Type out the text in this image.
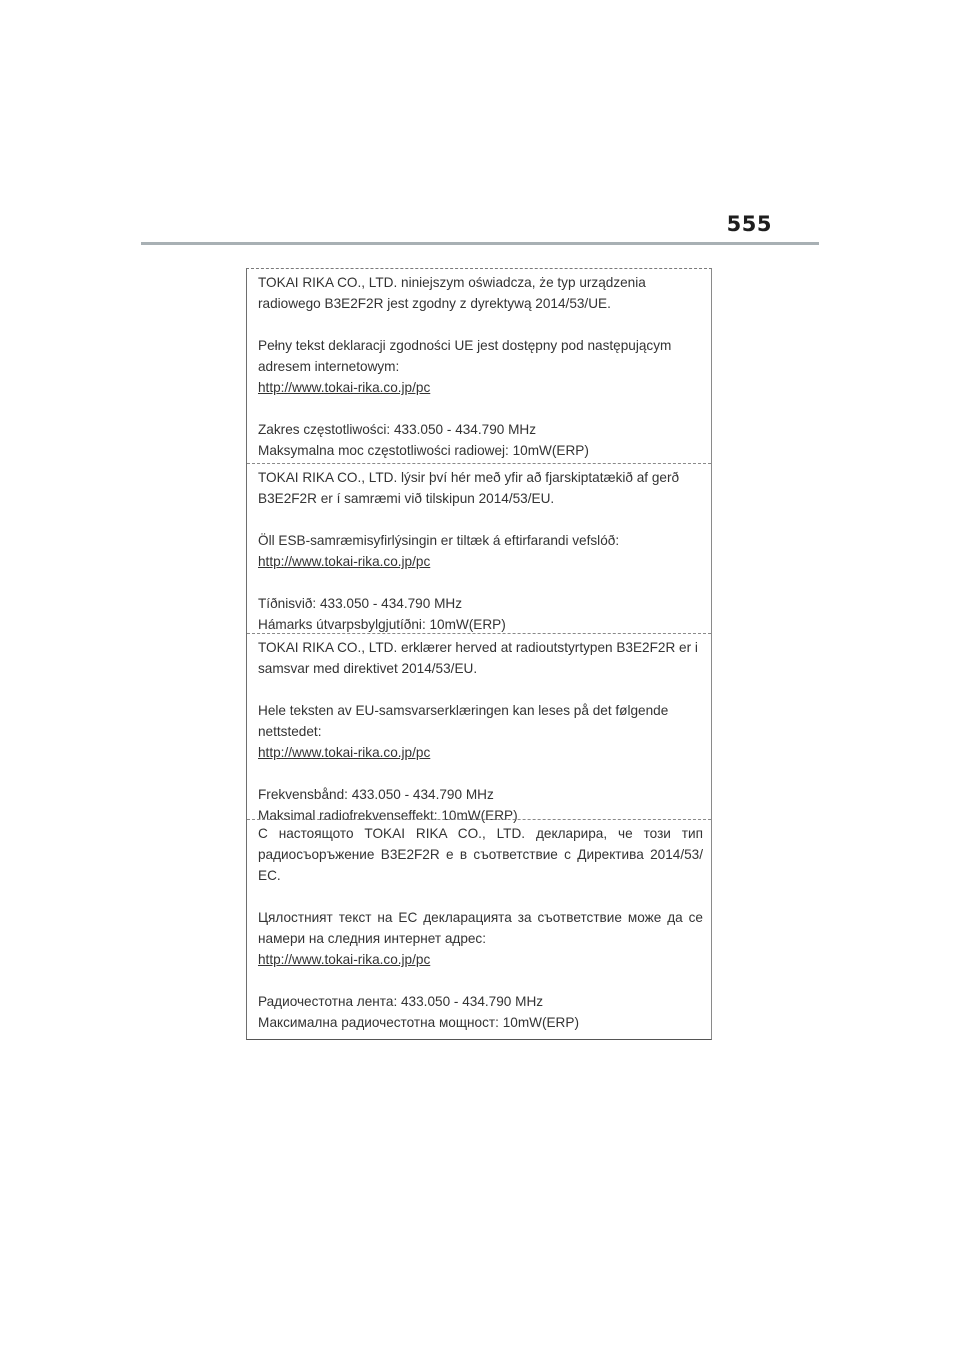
555

TOKAI RIKA CO., LTD. niniejszym oświadcza, że typ urządzenia radiowego B3E2F2R jest zgodny z dyrektywą 2014/53/UE.

Pełny tekst deklaracji zgodności UE jest dostępny pod następującym adresem internetowym:
http://www.tokai-rika.co.jp/pc

Zakres częstotliwości: 433.050 - 434.790 MHz

Maksymalna moc częstotliwości radiowej: 10mW(ERP)

TOKAI RIKA CO., LTD. lýsir því hér með yfir að fjarskiptatækið af gerð B3E2F2R er í samræmi við tilskipun 2014/53/EU.

Öll ESB-samræmisyfirlýsingin er tiltæk á eftirfarandi vefslóð:
http://www.tokai-rika.co.jp/pc

Tíðnisvið: 433.050 - 434.790 MHz

Hámarks útvarpsbylgjutíðni: 10mW(ERP)

TOKAI RIKA CO., LTD. erklærer herved at radioutstyrtypen B3E2F2R er i samsvar med direktivet 2014/53/EU.

Hele teksten av EU-samsvarserklæringen kan leses på det følgende nettstedet:
http://www.tokai-rika.co.jp/pc

Frekvensbånd: 433.050 - 434.790 MHz

Maksimal radiofrekvenseffekt: 10mW(ERP)

С настоящото TOKAI RIKA CO., LTD. декларира, че този тип радиосъоръжение B3E2F2R е в съответствие с Директива 2014/53/ЕС.

Цялостният текст на ЕС декларацията за съответствие може да се намери на следния интернет адрес:
http://www.tokai-rika.co.jp/pc

Радиочестотна лента: 433.050 - 434.790 MHz

Максимална радиочестотна мощност: 10mW(ERP)
